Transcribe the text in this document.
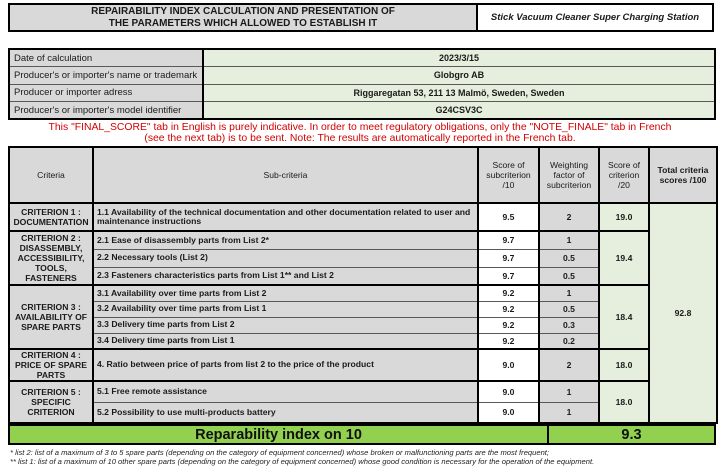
REPAIRABILITY INDEX CALCULATION AND PRESENTATION OF
THE PARAMETERS WHICH ALLOWED TO ESTABLISH IT	Stick Vacuum Cleaner Super Charging Station
Date of calculation	2023/3/15
Producer's or importer's name or trademark	Globgro AB
Producer or importer adress	Riggaregatan 53, 211 13 Malmö, Sweden, Sweden
Producer's or importer's model identifier	G24CSV3C
This "FINAL_SCORE" tab in English is purely indicative. In order to meet regulatory obligations, only the "NOTE_FINALE" tab in French
(see the next tab) is to be sent. Note: The results are automatically reported in the French tab.
Criteria	Sub-criteria	Score of subcriterion /10	Weighting factor of subcriterion	Score of criterion /20	Total criteria scores /100
CRITERION 1 : DOCUMENTATION	1.1 Availability of the technical documentation and other documentation related to user and maintenance instructions	9.5	2	19.0	92.8
CRITERION 2 : DISASSEMBLY, ACCESSIBILITY, TOOLS, FASTENERS	2.1 Ease of disassembly parts from List 2*	9.7	1	19.4	
	2.2 Necessary tools (List 2)	9.7	0.5		
	2.3 Fasteners characteristics parts from List 1** and List 2	9.7	0.5		
CRITERION 3 : AVAILABILITY OF SPARE PARTS	3.1 Availability over time parts from List 2	9.2	1	18.4	
	3.2 Availability over time parts from List 1	9.2	0.5		
	3.3 Delivery time parts from List 2	9.2	0.3		
	3.4 Delivery time parts from List 1	9.2	0.2		
CRITERION 4 : PRICE OF SPARE PARTS	4. Ratio between price of parts from list 2 to the price of the product	9.0	2	18.0	
CRITERION 5 : SPECIFIC CRITERION	5.1 Free remote assistance	9.0	1	18.0	
	5.2 Possibility to use multi-products battery	9.0	1		
Reparability index on 10	9.3
* list 2: list of a maximum of 3 to 5 spare parts (depending on the category of equipment concerned) whose broken or malfunctioning parts are the most frequent;
** list 1: list of a maximum of 10 other spare parts (depending on the category of equipment concerned) whose good condition is necessary for the operation of the equipment.
